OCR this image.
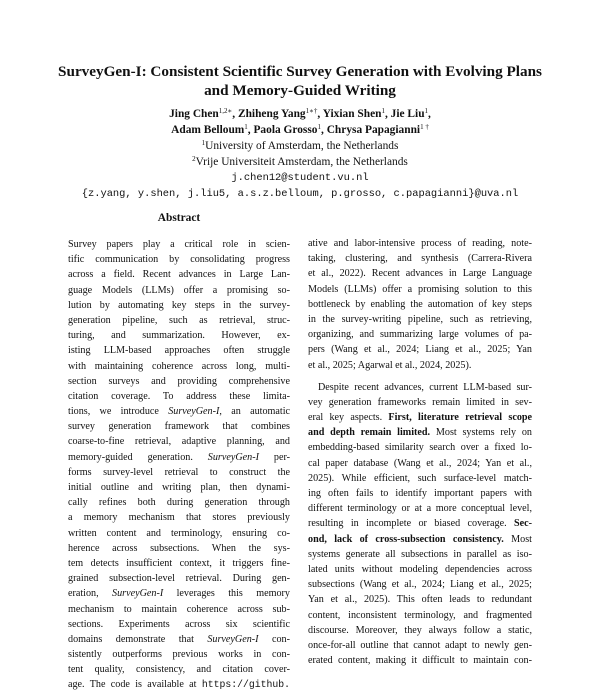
SurveyGen-I: Consistent Scientific Survey Generation with Evolving Plans
and Memory-Guided Writing
Jing Chen$^{1,2∗}$, Zhiheng Yang$^{1∗\dagger}$, Yixian Shen$^1$, Jie Liu$^1$,
Adam Belloum$^1$, Paola Grosso$^1$, Chrysa Papagianni$^{1 \dagger}$
$^1$University of Amsterdam, the Netherlands
$^2$Vrije Universiteit Amsterdam, the Netherlands
j.chen12@student.vu.nl
{z.yang, y.shen, j.liu5, a.s.z.belloum, p.grosso, c.papagianni}@uva.nl
Abstract
Survey papers play a critical role in scien-
tific communication by consolidating progress
across a field. Recent advances in Large Lan-
guage Models (LLMs) offer a promising so-
lution by automating key steps in the survey-
generation pipeline, such as retrieval, struc-
turing, and summarization. However, ex-
isting LLM-based approaches often struggle
with maintaining coherence across long, multi-
section surveys and providing comprehensive
citation coverage. To address these limita-
tions, we introduce SurveyGen-I, an automatic
survey generation framework that combines
coarse-to-fine retrieval, adaptive planning, and
memory-guided generation. SurveyGen-I per-
forms survey-level retrieval to construct the
initial outline and writing plan, then dynami-
cally refines both during generation through
a memory mechanism that stores previously
written content and terminology, ensuring co-
herence across subsections. When the sys-
tem detects insufficient context, it triggers fine-
grained subsection-level retrieval. During gen-
eration, SurveyGen-I leverages this memory
mechanism to maintain coherence across sub-
sections. Experiments across six scientific
domains demonstrate that SurveyGen-I con-
sistently outperforms previous works in con-
tent quality, consistency, and citation cover-
age. The code is available at https://github.
ative and labor-intensive process of reading, note-
taking, clustering, and synthesis (Carrera-Rivera
et al., 2022). Recent advances in Large Language
Models (LLMs) offer a promising solution to this
bottleneck by enabling the automation of key steps
in the survey-writing pipeline, such as retrieving,
organizing, and summarizing large volumes of pa-
pers (Wang et al., 2024; Liang et al., 2025; Yan
et al., 2025; Agarwal et al., 2024, 2025).
Despite recent advances, current LLM-based sur-
vey generation frameworks remain limited in sev-
eral key aspects. First, literature retrieval scope
and depth remain limited. Most systems rely on
embedding-based similarity search over a fixed lo-
cal paper database (Wang et al., 2024; Yan et al.,
2025). While efficient, such surface-level match-
ing often fails to identify important papers with
different terminology or at a more conceptual level,
resulting in incomplete or biased coverage. Sec-
ond, lack of cross-subsection consistency. Most
systems generate all subsections in parallel as iso-
lated units without modeling dependencies across
subsections (Wang et al., 2024; Liang et al., 2025;
Yan et al., 2025). This often leads to redundant
content, inconsistent terminology, and fragmented
discourse. Moreover, they always follow a static,
once-for-all outline that cannot adapt to newly gen-
erated content, making it difficult to maintain con-
